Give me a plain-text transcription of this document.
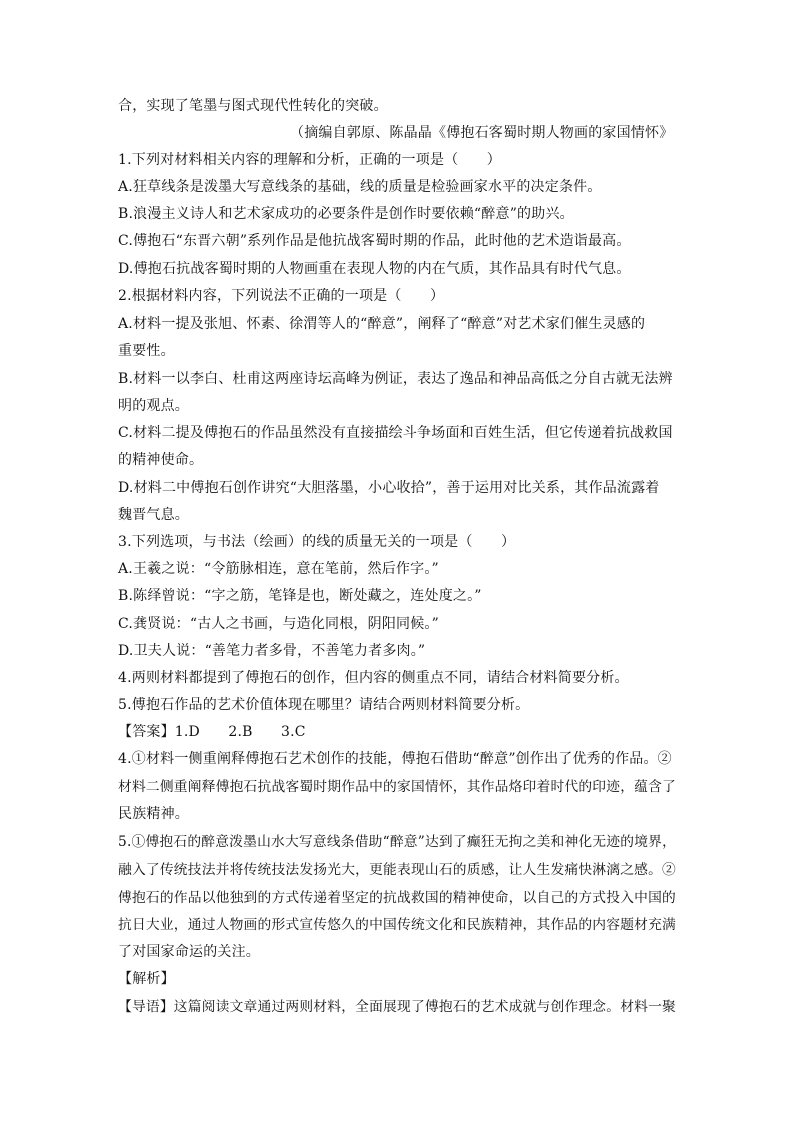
合，实现了笔墨与图式现代性转化的突破。
（摘编自郭原、陈晶晶《傅抱石客蜀时期人物画的家国情怀》
1.下列对材料相关内容的理解和分析，正确的一项是（　　）
A.狂草线条是泼墨大写意线条的基础，线的质量是检验画家水平的决定条件。
B.浪漫主义诗人和艺术家成功的必要条件是创作时要依赖“醉意”的助兴。
C.傅抱石“东晋六朝”系列作品是他抗战客蜀时期的作品，此时他的艺术造诣最高。
D.傅抱石抗战客蜀时期的人物画重在表现人物的内在气质，其作品具有时代气息。
2.根据材料内容，下列说法不正确的一项是（　　）
A.材料一提及张旭、怀素、徐渭等人的“醉意”，阐释了“醉意”对艺术家们催生灵感的
重要性。
B.材料一以李白、杜甫这两座诗坛高峰为例证，表达了逸品和神品高低之分自古就无法辨
明的观点。
C.材料二提及傅抱石的作品虽然没有直接描绘斗争场面和百姓生活，但它传递着抗战救国
的精神使命。
D.材料二中傅抱石创作讲究“大胆落墨，小心收拾”，善于运用对比关系，其作品流露着
魏晋气息。
3.下列选项，与书法（绘画）的线的质量无关的一项是（　　）
A.王羲之说：“令筋脉相连，意在笔前，然后作字。”
B.陈绎曾说：“字之筋，笔锋是也，断处藏之，连处度之。”
C.龚贤说：“古人之书画，与造化同根，阴阳同候。”
D.卫夫人说：“善笔力者多骨，不善笔力者多肉。”
4.两则材料都提到了傅抱石的创作，但内容的侧重点不同，请结合材料简要分析。
5.傅抱石作品的艺术价值体现在哪里？请结合两则材料简要分析。
【答案】1.D　　2.B　　3.C
4.①材料一侧重阐释傅抱石艺术创作的技能，傅抱石借助“醉意”创作出了优秀的作品。②
材料二侧重阐释傅抱石抗战客蜀时期作品中的家国情怀，其作品烙印着时代的印迹，蕴含了
民族精神。
5.①傅抱石的醉意泼墨山水大写意线条借助“醉意”达到了癫狂无拘之美和神化无迹的境界，
融入了传统技法并将传统技法发扬光大，更能表现山石的质感，让人生发痛快淋漓之感。②
傅抱石的作品以他独到的方式传递着坚定的抗战救国的精神使命，以自己的方式投入中国的
抗日大业，通过人物画的形式宣传悠久的中国传统文化和民族精神，其作品的内容题材充满
了对国家命运的关注。
【解析】
【导语】这篇阅读文章通过两则材料，全面展现了傅抱石的艺术成就与创作理念。材料一聚
